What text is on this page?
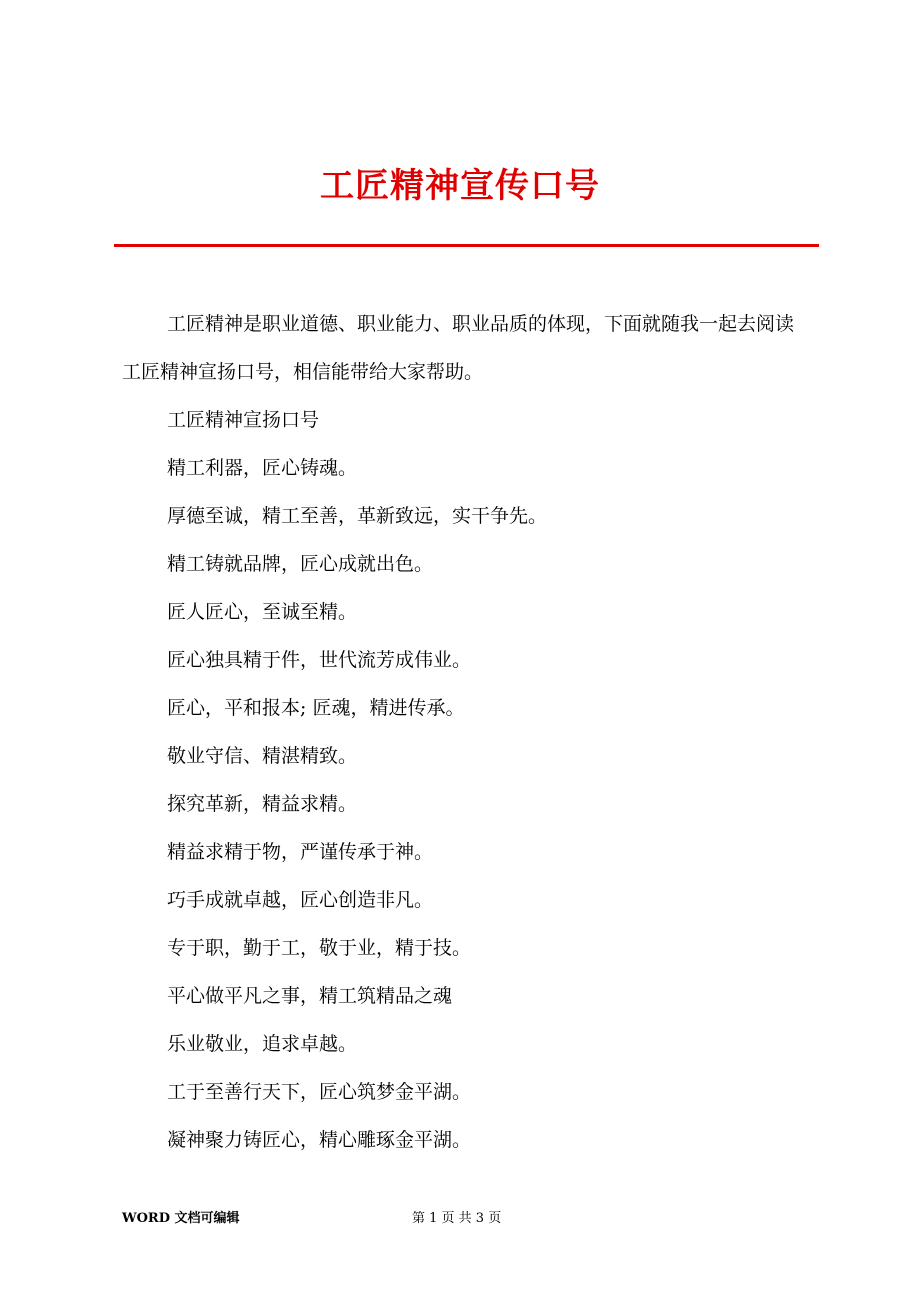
工匠精神宣传口号

工匠精神是职业道德、职业能力、职业品质的体现，下面就随我一起去阅读工匠精神宣扬口号，相信能带给大家帮助。

工匠精神宣扬口号

精工利器，匠心铸魂。

厚德至诚，精工至善，革新致远，实干争先。

精工铸就品牌，匠心成就出色。

匠人匠心，至诚至精。

匠心独具精于件，世代流芳成伟业。

匠心，平和报本; 匠魂，精进传承。

敬业守信、精湛精致。

探究革新，精益求精。

精益求精于物，严谨传承于神。

巧手成就卓越，匠心创造非凡。

专于职，勤于工，敬于业，精于技。

平心做平凡之事，精工筑精品之魂

乐业敬业，追求卓越。

工于至善行天下，匠心筑梦金平湖。

凝神聚力铸匠心，精心雕琢金平湖。

WORD 文档可编辑	第 1 页 共 3 页
